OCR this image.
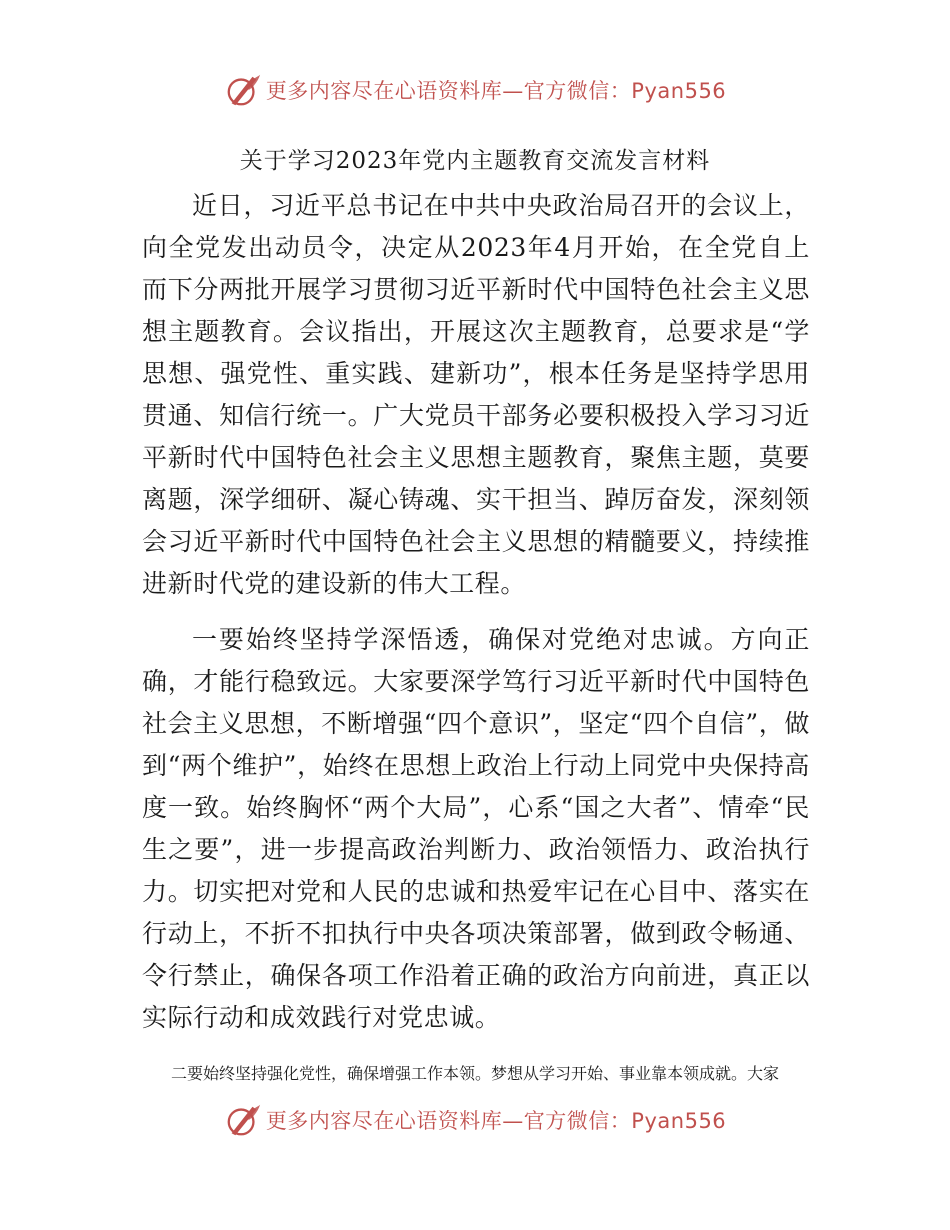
更多内容尽在心语资料库—官方微信：Pyan556
关于学习2023年党内主题教育交流发言材料

近日，习近平总书记在中共中央政治局召开的会议上，向全党发出动员令，决定从2023年4月开始，在全党自上而下分两批开展学习贯彻习近平新时代中国特色社会主义思想主题教育。会议指出，开展这次主题教育，总要求是“学思想、强党性、重实践、建新功”，根本任务是坚持学思用贯通、知信行统一。广大党员干部务必要积极投入学习习近平新时代中国特色社会主义思想主题教育，聚焦主题，莫要离题，深学细研、凝心铸魂、实干担当、踔厉奋发，深刻领会习近平新时代中国特色社会主义思想的精髓要义，持续推进新时代党的建设新的伟大工程。

一要始终坚持学深悟透，确保对党绝对忠诚。方向正确，才能行稳致远。大家要深学笃行习近平新时代中国特色社会主义思想，不断增强“四个意识”，坚定“四个自信”，做到“两个维护”，始终在思想上政治上行动上同党中央保持高度一致。始终胸怀“两个大局”，心系“国之大者”、情牵“民生之要”，进一步提高政治判断力、政治领悟力、政治执行力。切实把对党和人民的忠诚和热爱牢记在心目中、落实在行动上，不折不扣执行中央各项决策部署，做到政令畅通、令行禁止，确保各项工作沿着正确的政治方向前进，真正以实际行动和成效践行对党忠诚。

二要始终坚持强化党性，确保增强工作本领。梦想从学习开始、事业靠本领成就。大家
更多内容尽在心语资料库—官方微信：Pyan556
